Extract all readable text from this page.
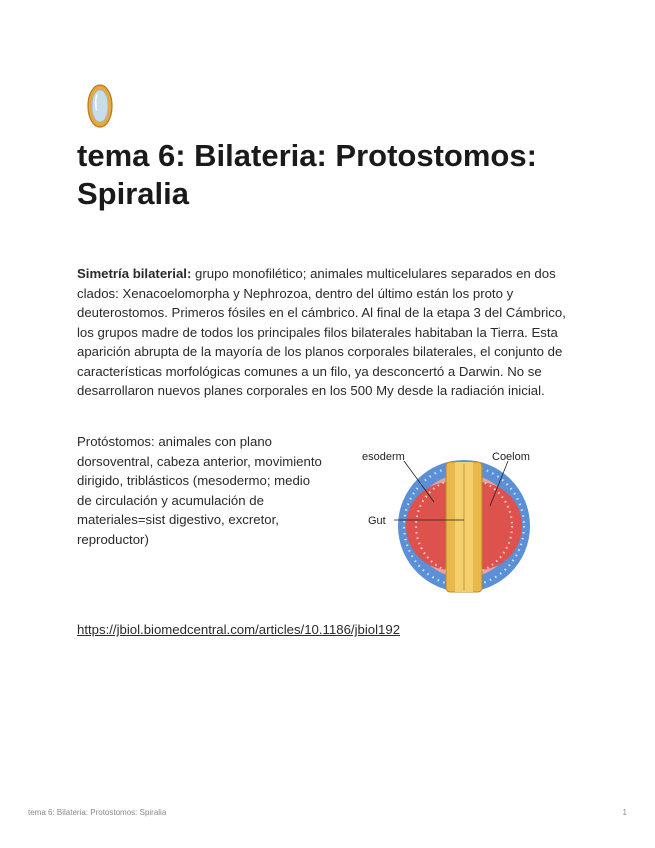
tema 6: Bilateria: Protostomos: Spiralia

Simetría bilaterial: grupo monofilético; animales multicelulares separados en dos clados: Xenacoelomorpha y Nephrozoa, dentro del último están los proto y deuterostomos. Primeros fósiles en el cámbrico. Al final de la etapa 3 del Cámbrico, los grupos madre de todos los principales filos bilaterales habitaban la Tierra. Esta aparición abrupta de la mayoría de los planos corporales bilaterales, el conjunto de características morfológicas comunes a un filo, ya desconcertó a Darwin. No se desarrollaron nuevos planes corporales en los 500 My desde la radiación inicial.

Protóstomos: animales con plano dorsoventral, cabeza anterior, movimiento dirigido, triblásticos (mesodermo; medio de circulación y acumulación de materiales=sist digestivo, excretor, reproductor)

esoderm	Coelom
Gut

https://jbiol.biomedcentral.com/articles/10.1186/jbiol192

tema 6: Bilateria: Protostomos: Spiralia	1
